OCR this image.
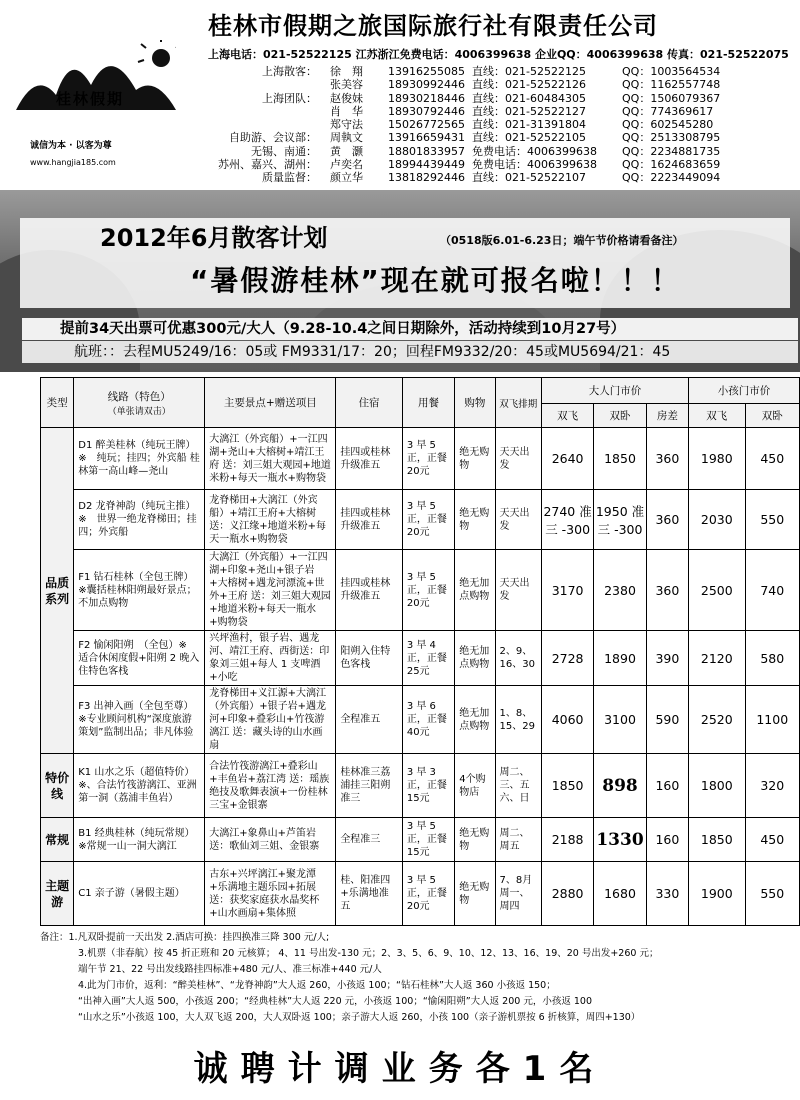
桂林假期
诚信为本 · 以客为尊
www.hangjia185.com
桂林市假期之旅国际旅行社有限责任公司
上海电话：021-52522125 江苏浙江免费电话：4006399638 企业QQ：4006399638 传真：021-52522075
上海散客： 徐　翔 13916255085 直线：021-52522125	QQ：1003564534
张美容 18930992446 直线：021-52522126	QQ：1162557748
上海团队： 赵俊妹 18930218446 直线：021-60484305	QQ：1506079367
肖　华 18930792446 直线：021-52522127	QQ：774369617
郑守法 15026772565 直线：021-31391804	QQ：602545280
自助游、会议部： 周執文 13916659431 直线：021-52522105	QQ：2513308795
无锡、南通： 黄　灏 18801833957 免费电话：4006399638 QQ：2234881735
苏州、嘉兴、湖州： 卢奕名 18994439449 免费电话：4006399638 QQ：1624683659
质量监督： 颜立华 13818292446 直线：021-52522107	QQ：2223449094
2012年6月散客计划	（0518版6.01-6.23日；端午节价格请看备注）
“暑假游桂林”现在就可报名啦！！！
提前34天出票可优惠300元/大人（9.28-10.4之间日期除外，活动持续到10月27号）
航班：：去程MU5249/16：05或 FM9331/17：20；回程FM9332/20：45或MU5694/21：45
类型	线路（特色）
（单张请双击）	主要景点+赠送项目	住宿	用餐	购物	双飞排期	大人门市价			小孩门市价	
							双飞	双卧	房差	双飞	双卧
品质系列	D1 醉美桂林（纯玩王牌）※　纯玩；挂四；外宾船 桂林第一高山峰—尧山	大漓江（外宾船）+一江四湖+尧山+大榕树+靖江王府 送：刘三姐大观园+地道米粉+每天一瓶水+购物袋	挂四或桂林升级准五	3 早 5 正，正餐20元	绝无购物	天天出发	2640	1850	360	1980	450
	D2 龙脊神韵（纯玩主推）※　世界一绝龙脊梯田；挂四；外宾船	龙脊梯田+大漓江（外宾船）+靖江王府+大榕树 送：义江缘+地道米粉+每天一瓶水+购物袋	挂四或桂林升级准五	3 早 5 正，正餐20元	绝无购物	天天出发	2740 准三 -300	1950 准三 -300	360	2030	550
	F1 钻石桂林（全包王牌）※囊括桂林阳朔最好景点；不加点购物	大漓江（外宾船）+一江四湖+印象+尧山+银子岩+大榕树+遇龙河漂流+世外+王府 送：刘三姐大观园+地道米粉+每天一瓶水+购物袋	挂四或桂林升级准五	3 早 5 正，正餐20元	绝无加点购物	天天出发	3170	2380	360	2500	740
	F2 愉闲阳朔　（全包）※　适合休闲度假+阳朔 2 晚入住特色客栈	兴坪渔村，银子岩、遇龙河、靖江王府、西街送：印象刘三姐+每人 1 支啤酒+小吃	阳朔入住特色客栈	3 早 4 正，正餐25元	绝无加点购物	2、9、16、30	2728	1890	390	2120	580
	F3 出神入画（全包至尊）※专业顾问机构“深度旅游策划”监制出品；非凡体验	龙脊梯田+义江源+大漓江（外宾船）+银子岩+遇龙河+印象+叠彩山+竹筏游漓江 送：藏头诗的山水画扇	全程准五	3 早 6 正，正餐40元	绝无加点购物	1、8、15、29	4060	3100	590	2520	1100
特价线	K1 山水之乐（超值特价）※、合法竹筏游漓江、亚洲第一洞（荔浦丰鱼岩）	合法竹筏游漓江+叠彩山+丰鱼岩+荔江湾 送：瑶族绝技及歌舞表演+一份桂林三宝+金银寨	桂林准三荔浦挂三阳朔准三	3 早 3 正，正餐15元	4个购物店	周二、三、五六、日	1850	898	160	1800	320
常规	B1 经典桂林（纯玩常规）※常规一山一洞大漓江	大漓江+象鼻山+芦笛岩 送：歌仙刘三姐、金银寨	全程准三	3 早 5 正，正餐15元	绝无购物	周二、周五	2188	1330	160	1850	450
主题游	C1 亲子游（暑假主题）	古东+兴坪漓江+聚龙潭+乐满地主题乐园+拓展送：获奖家庭获水晶奖杯+山水画扇+集体照	桂、阳准四+乐满地准五	3 早 5 正，正餐20元	绝无购物	7、8月周一、周四	2880	1680	330	1900	550
备注：1.凡双卧提前一天出发 2.酒店可换：挂四换准三降 300 元/人;
　　　　3.机票（非春航）按 45 折正班和 20 元核算； 4、11 号出发-130 元；2、3、5、6、9、10、12、13、16、19、20 号出发+260 元；
　　　　端午节 21、22 号出发线路挂四标准+480 元/人、准三标准+440 元/人
　　　　4.此为门市价，返利：“醉美桂林”、“龙脊神韵”大人返 260，小孩返 100；“钻石桂林”大人返 360 小孩返 150；
　　　　“出神入画”大人返 500，小孩返 200；“经典桂林”大人返 220 元，小孩返 100；“愉闲阳朔”大人返 200 元，小孩返 100
　　　　“山水之乐”小孩返 100，大人双飞返 200，大人双卧返 100；亲子游大人返 260，小孩 100（亲子游机票按 6 折核算，周四+130）
诚聘计调业务各1名
